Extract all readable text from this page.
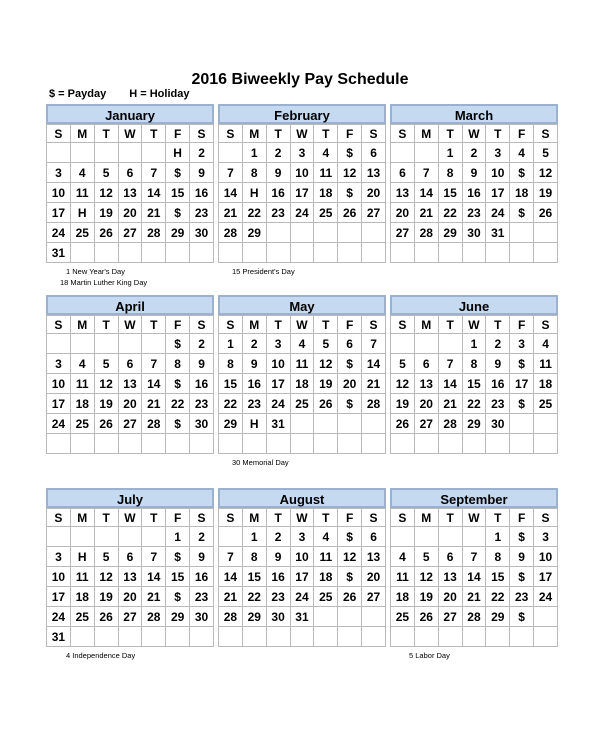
2016 Biweekly Pay Schedule
$ = Payday H = Holiday
January
S	M	T	W	T	F	S
					H	2
3	4	5	6	7	$	9
10	11	12	13	14	15	16
17	H	19	20	21	$	23
24	25	26	27	28	29	30
31						
February
S	M	T	W	T	F	S
	1	2	3	4	$	6
7	8	9	10	11	12	13
14	H	16	17	18	$	20
21	22	23	24	25	26	27
28	29					

March
S	M	T	W	T	F	S
		1	2	3	4	5
6	7	8	9	10	$	12
13	14	15	16	17	18	19
20	21	22	23	24	$	26
27	28	29	30	31		

April
S	M	T	W	T	F	S
					$	2
3	4	5	6	7	8	9
10	11	12	13	14	$	16
17	18	19	20	21	22	23
24	25	26	27	28	$	30

May
S	M	T	W	T	F	S
1	2	3	4	5	6	7
8	9	10	11	12	$	14
15	16	17	18	19	20	21
22	23	24	25	26	$	28
29	H	31				

June
S	M	T	W	T	F	S
			1	2	3	4
5	6	7	8	9	$	11
12	13	14	15	16	17	18
19	20	21	22	23	$	25
26	27	28	29	30		

July
S	M	T	W	T	F	S
					1	2
3	H	5	6	7	$	9
10	11	12	13	14	15	16
17	18	19	20	21	$	23
24	25	26	27	28	29	30
31						
August
S	M	T	W	T	F	S
	1	2	3	4	$	6
7	8	9	10	11	12	13
14	15	16	17	18	$	20
21	22	23	24	25	26	27
28	29	30	31			

September
S	M	T	W	T	F	S
				1	$	3
4	5	6	7	8	9	10
11	12	13	14	15	$	17
18	19	20	21	22	23	24
25	26	27	28	29	$	

1 New Year's Day
18 Martin Luther King Day
15 President's Day
30 Memorial Day
4 Independence Day	5 Labor Day
